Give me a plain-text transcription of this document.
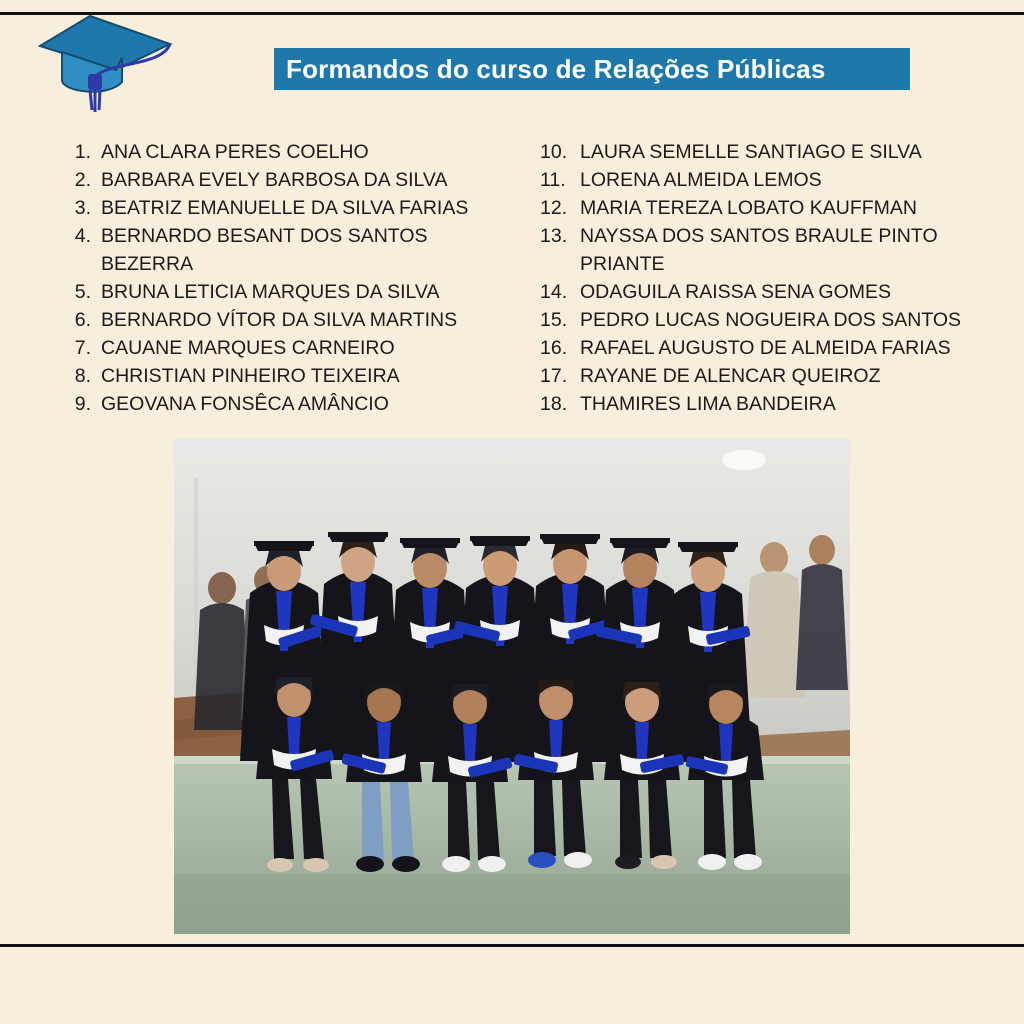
Formandos do curso de Relações Públicas
1. ANA CLARA PERES COELHO
2. BARBARA EVELY BARBOSA DA SILVA
3. BEATRIZ EMANUELLE DA SILVA FARIAS
4. BERNARDO BESANT DOS SANTOS BEZERRA
5. BRUNA LETICIA MARQUES DA SILVA
6. BERNARDO VÍTOR DA SILVA MARTINS
7. CAUANE MARQUES CARNEIRO
8. CHRISTIAN PINHEIRO TEIXEIRA
9. GEOVANA FONSÊCA AMÂNCIO
10. LAURA SEMELLE SANTIAGO E SILVA
11. LORENA ALMEIDA LEMOS
12. MARIA TEREZA LOBATO KAUFFMAN
13. NAYSSA DOS SANTOS BRAULE PINTO PRIANTE
14. ODAGUILA RAISSA SENA GOMES
15. PEDRO LUCAS NOGUEIRA DOS SANTOS
16. RAFAEL AUGUSTO DE ALMEIDA FARIAS
17. RAYANE DE ALENCAR QUEIROZ
18. THAMIRES LIMA BANDEIRA
